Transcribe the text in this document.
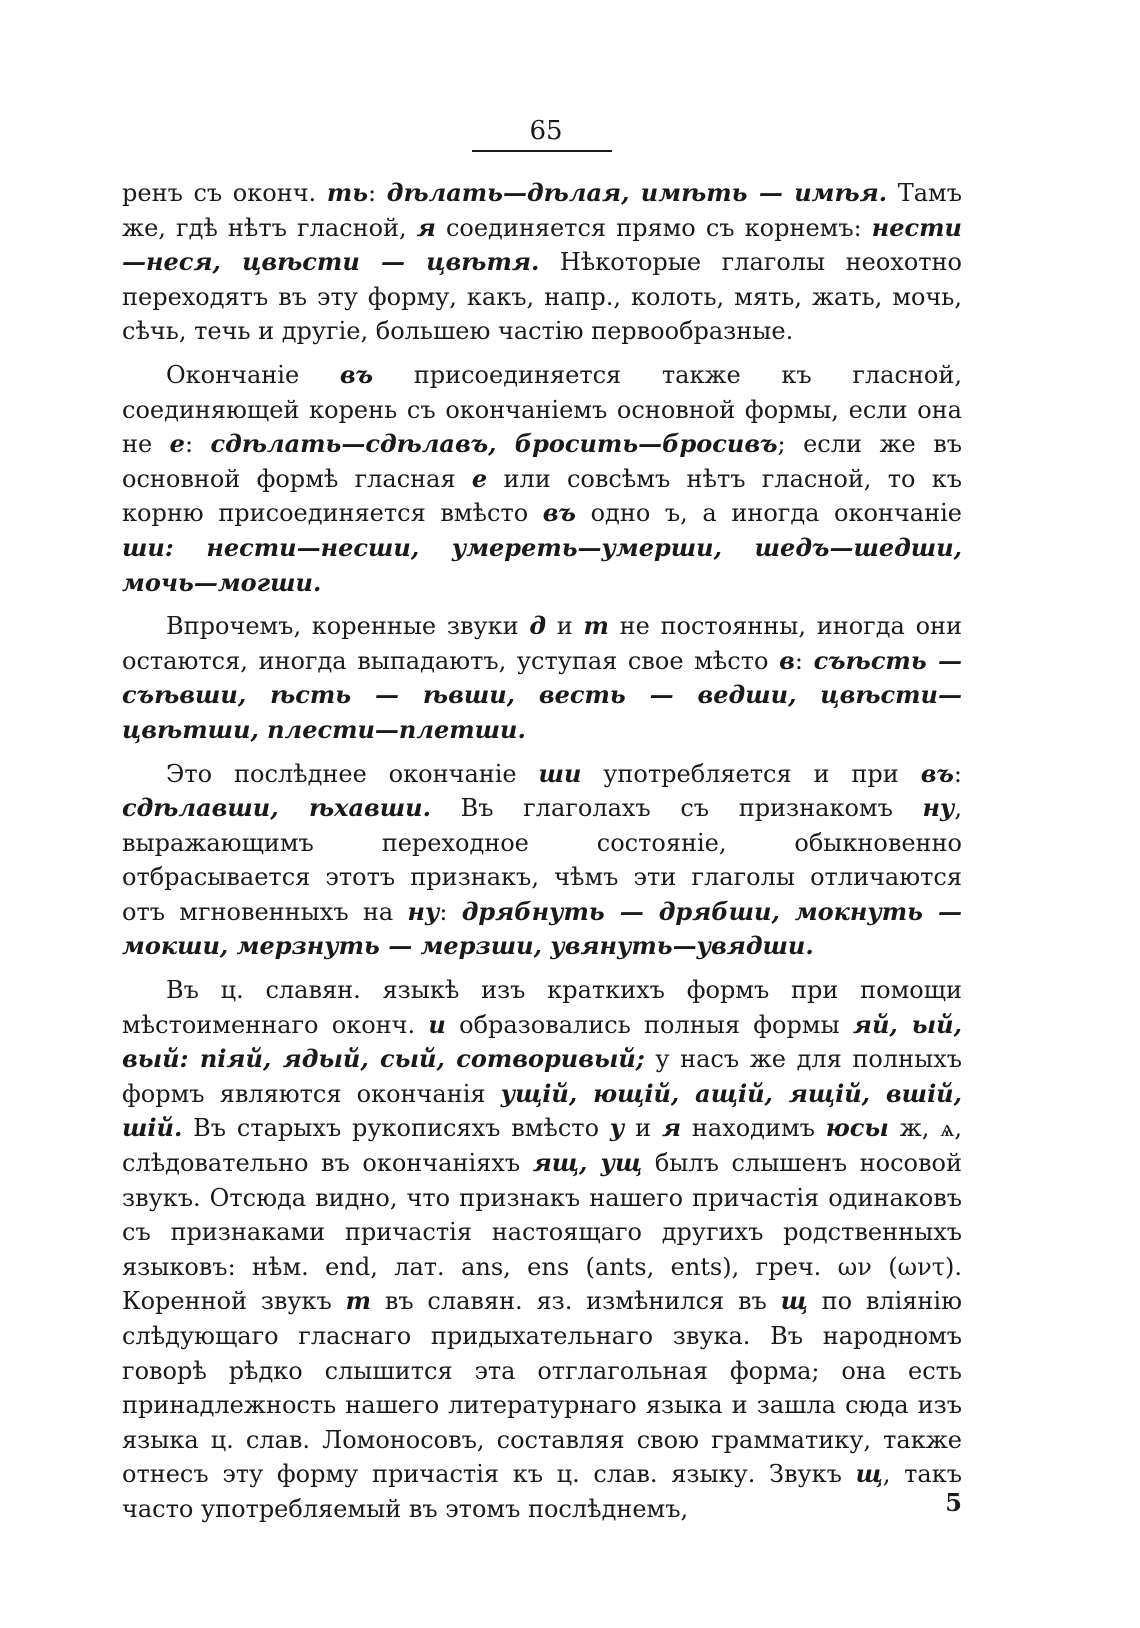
65

ренъ съ оконч. ть: дѣлать—дѣлая, имѣть — имѣя. Тамъ же, гдѣ нѣтъ гласной, я соединяется прямо съ корнемъ: нести—неся, цвѣсти — цвѣтя. Нѣкоторые глаголы неохотно переходятъ въ эту форму, какъ, напр., колоть, мять, жать, мочь, сѣчь, течь и другіе, большею частію первообразные.

Окончаніе въ присоединяется также къ гласной, соединяющей корень съ окончаніемъ основной формы, если она не е: сдѣлать—сдѣлавъ, бросить—бросивъ; если же въ основной формѣ гласная е или совсѣмъ нѣтъ гласной, то къ корню присоединяется вмѣсто въ одно ъ, а иногда окончаніе ши: нести—несши, умереть—умерши, шедъ—шедши, мочь—могши.

Впрочемъ, коренные звуки д и т не постоянны, иногда они остаются, иногда выпадаютъ, уступая свое мѣсто в: съѣсть — съѣвши, ѣсть — ѣвши, весть — ведши, цвѣсти—цвѣтши, плести—плетши.

Это послѣднее окончаніе ши употребляется и при въ: сдѣлавши, ѣхавши. Въ глаголахъ съ признакомъ ну, выражающимъ переходное состояніе, обыкновенно отбрасывается этотъ признакъ, чѣмъ эти глаголы отличаются отъ мгновенныхъ на ну: дрябнуть — дрябши, мокнуть — мокши, мерзнуть — мерзши, увянуть—увядши.

Въ ц. славян. языкѣ изъ краткихъ формъ при помощи мѣстоименнаго оконч. и образовались полныя формы яй, ый, вый: піяй, ядый, сый, сотворивый; у насъ же для полныхъ формъ являются окончанія ущій, ющій, ащій, ящій, вшій, шій. Въ старыхъ рукописяхъ вмѣсто у и я находимъ юсы ж, ѧ, слѣдовательно въ окончаніяхъ ящ, ущ былъ слышенъ носовой звукъ. Отсюда видно, что признакъ нашего причастія одинаковъ съ признаками причастія настоящаго другихъ родственныхъ языковъ: нѣм. end, лат. ans, ens (ants, ents), греч. ων (ωντ). Коренной звукъ т въ славян. яз. измѣнился въ щ по вліянію слѣдующаго гласнаго придыхательнаго звука. Въ народномъ говорѣ рѣдко слышится эта отглагольная форма; она есть принадлежность нашего литературнаго языка и зашла сюда изъ языка ц. слав. Ломоносовъ, составляя свою грамматику, также отнесъ эту форму причастія къ ц. слав. языку. Звукъ щ, такъ часто употребляемый въ этомъ послѣднемъ,	5
